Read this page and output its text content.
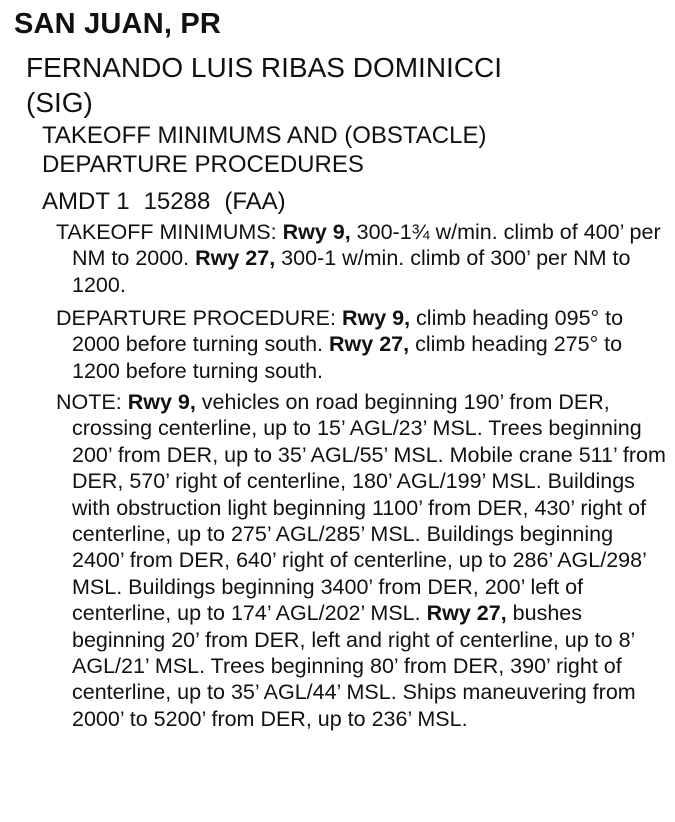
SAN JUAN, PR
FERNANDO LUIS RIBAS DOMINICCI
(SIG)
TAKEOFF MINIMUMS AND (OBSTACLE)
DEPARTURE PROCEDURES
AMDT 1 15288 (FAA)

TAKEOFF MINIMUMS: Rwy 9, 300-1¾ w/min. climb of 400’ per NM to 2000. Rwy 27, 300-1 w/min. climb of 300’ per NM to 1200.

DEPARTURE PROCEDURE: Rwy 9, climb heading 095° to 2000 before turning south. Rwy 27, climb heading 275° to 1200 before turning south.

NOTE: Rwy 9, vehicles on road beginning 190’ from DER, crossing centerline, up to 15’ AGL/23’ MSL. Trees beginning 200’ from DER, up to 35’ AGL/55’ MSL. Mobile crane 511’ from DER, 570’ right of centerline, 180’ AGL/199’ MSL. Buildings with obstruction light beginning 1100’ from DER, 430’ right of centerline, up to 275’ AGL/285’ MSL. Buildings beginning 2400’ from DER, 640’ right of centerline, up to 286’ AGL/298’ MSL. Buildings beginning 3400’ from DER, 200’ left of centerline, up to 174’ AGL/202’ MSL. Rwy 27, bushes beginning 20’ from DER, left and right of centerline, up to 8’ AGL/21’ MSL. Trees beginning 80’ from DER, 390’ right of centerline, up to 35’ AGL/44’ MSL. Ships maneuvering from 2000’ to 5200’ from DER, up to 236’ MSL.
